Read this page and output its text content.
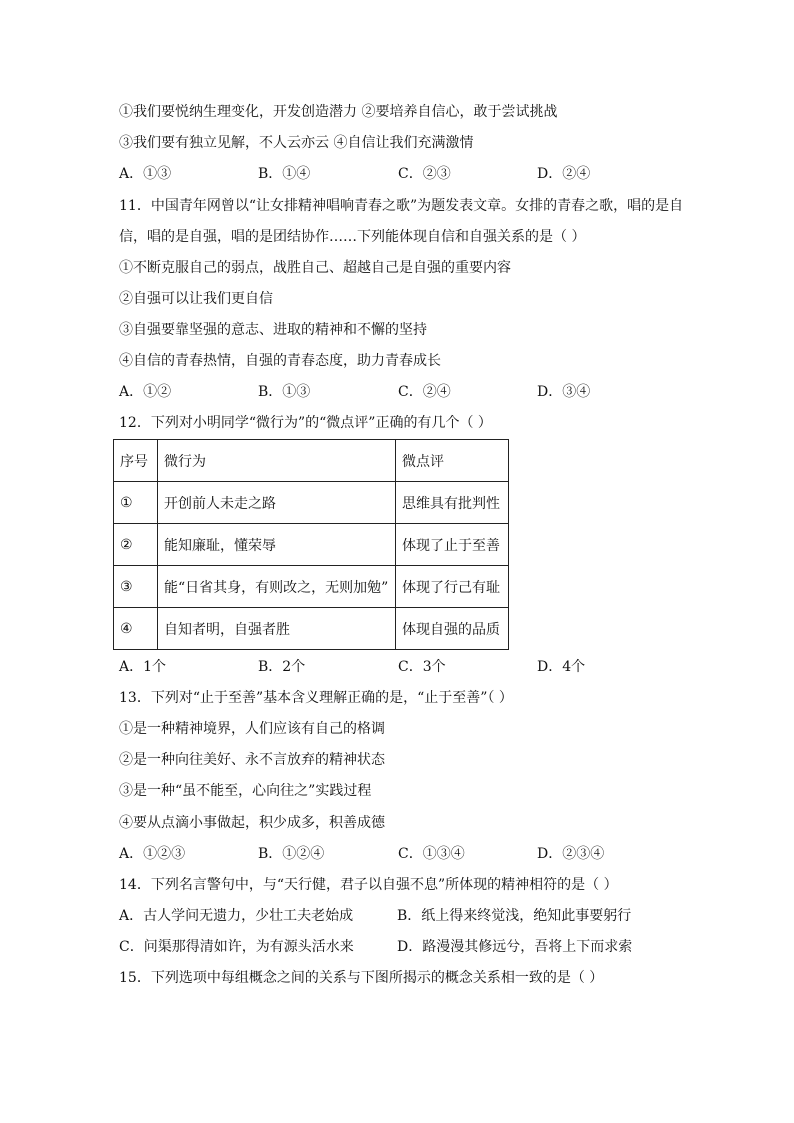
①我们要悦纳生理变化，开发创造潜力 ②要培养自信心，敢于尝试挑战
③我们要有独立见解，不人云亦云 ④自信让我们充满激情
A．①③	B．①④	C．②③	D．②④
11．中国青年网曾以“让女排精神唱响青春之歌”为题发表文章。女排的青春之歌，唱的是自
信，唱的是自强，唱的是团结协作……下列能体现自信和自强关系的是（ ）
①不断克服自己的弱点，战胜自己、超越自己是自强的重要内容
②自强可以让我们更自信
③自强要靠坚强的意志、进取的精神和不懈的坚持
④自信的青春热情，自强的青春态度，助力青春成长
A．①②	B．①③	C．②④	D．③④
12．下列对小明同学“微行为”的“微点评”正确的有几个（ ）
序号	微行为	微点评
①	开创前人未走之路	思维具有批判性
②	能知廉耻，懂荣辱	体现了止于至善
③	能“日省其身，有则改之，无则加勉”	体现了行己有耻
④	自知者明，自强者胜	体现自强的品质
A．1个	B．2个	C．3个	D．4个
13．下列对“止于至善”基本含义理解正确的是，“止于至善”（ ）
①是一种精神境界，人们应该有自己的格调
②是一种向往美好、永不言放弃的精神状态
③是一种“虽不能至，心向往之”实践过程
④要从点滴小事做起，积少成多，积善成德
A．①②③	B．①②④	C．①③④	D．②③④
14．下列名言警句中，与“天行健，君子以自强不息”所体现的精神相符的是（ ）
A．古人学问无遗力，少壮工夫老始成	B．纸上得来终觉浅，绝知此事要躬行
C．问渠那得清如许，为有源头活水来	D．路漫漫其修远兮，吾将上下而求索
15．下列选项中每组概念之间的关系与下图所揭示的概念关系相一致的是（ ）
